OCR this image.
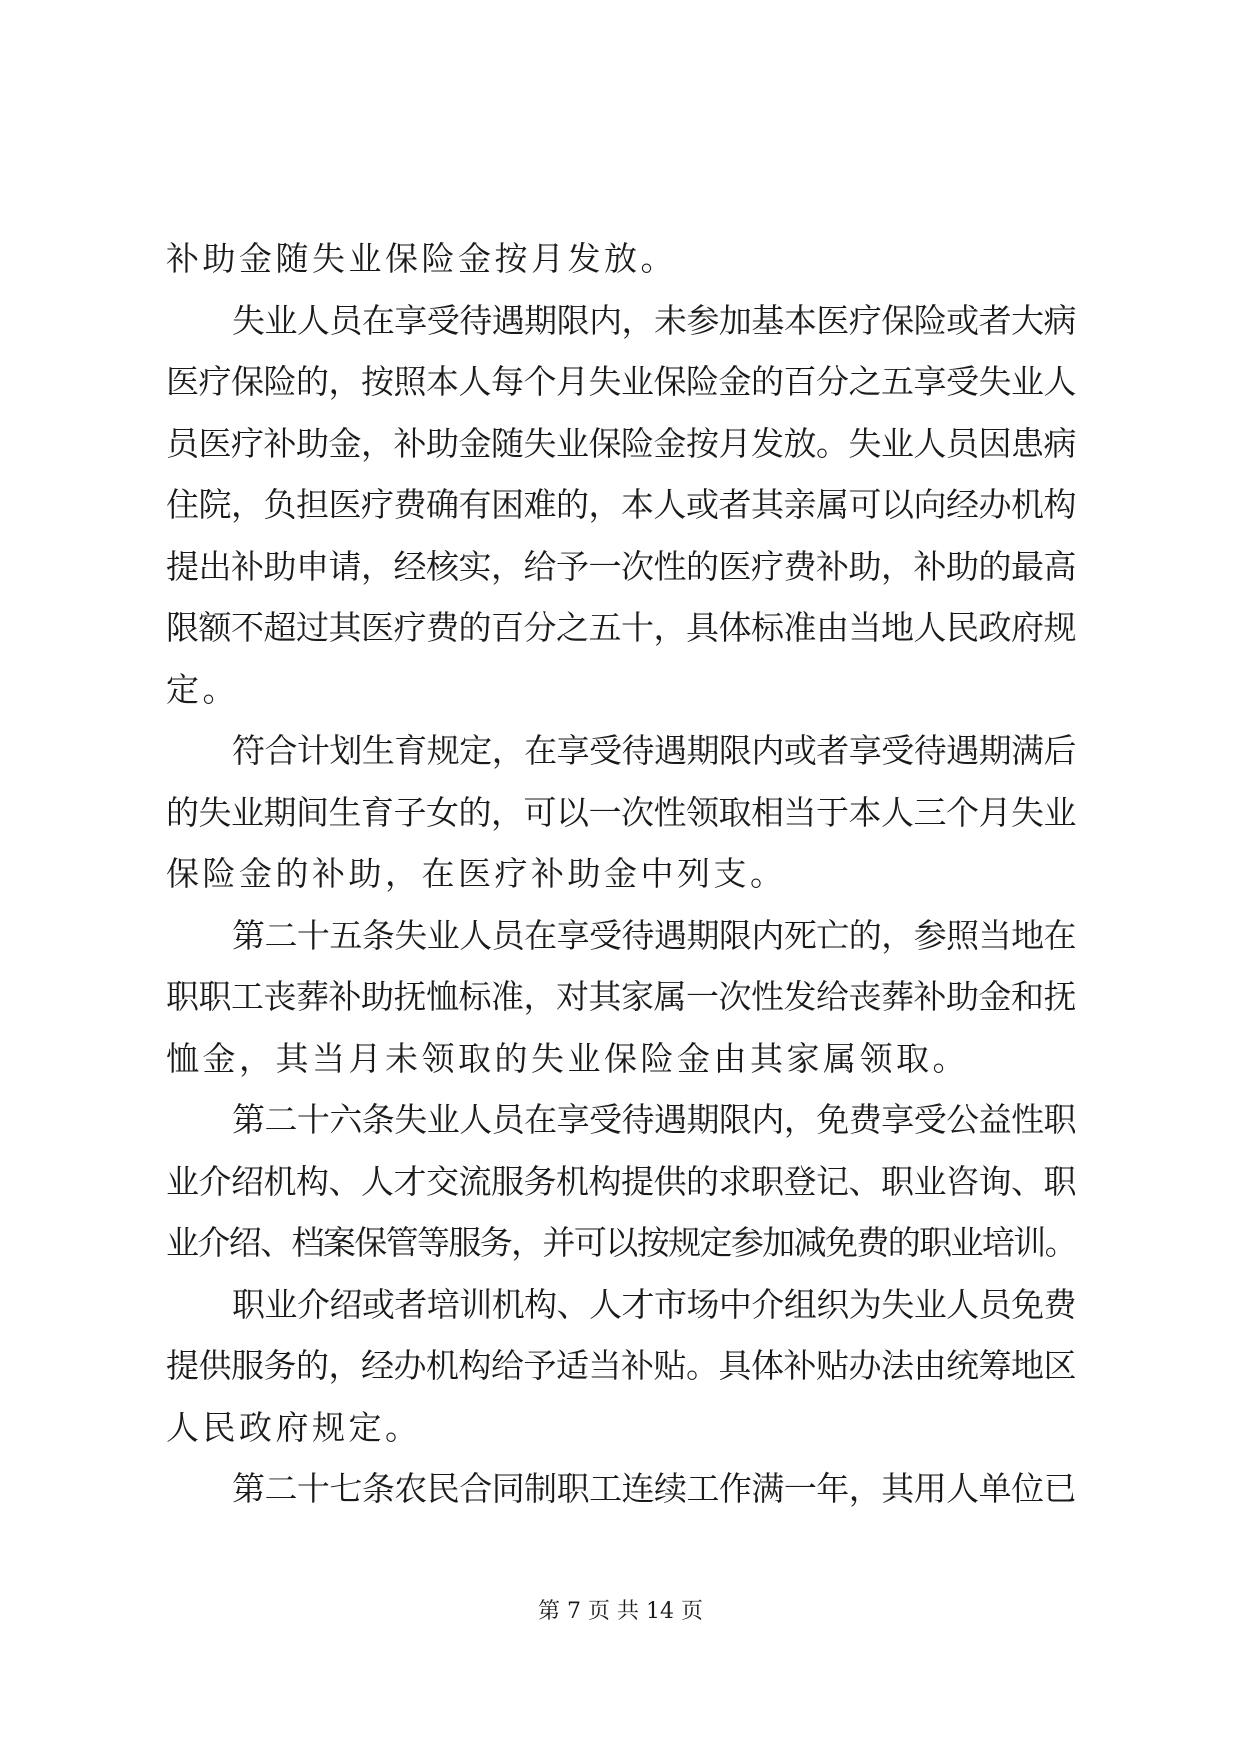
补助金随失业保险金按月发放。
失业人员在享受待遇期限内，未参加基本医疗保险或者大病
医疗保险的，按照本人每个月失业保险金的百分之五享受失业人
员医疗补助金，补助金随失业保险金按月发放。失业人员因患病
住院，负担医疗费确有困难的，本人或者其亲属可以向经办机构
提出补助申请，经核实，给予一次性的医疗费补助，补助的最高
限额不超过其医疗费的百分之五十，具体标准由当地人民政府规
定。
符合计划生育规定，在享受待遇期限内或者享受待遇期满后
的失业期间生育子女的，可以一次性领取相当于本人三个月失业
保险金的补助，在医疗补助金中列支。
第二十五条失业人员在享受待遇期限内死亡的，参照当地在
职职工丧葬补助抚恤标准，对其家属一次性发给丧葬补助金和抚
恤金，其当月未领取的失业保险金由其家属领取。
第二十六条失业人员在享受待遇期限内，免费享受公益性职
业介绍机构、人才交流服务机构提供的求职登记、职业咨询、职
业介绍、档案保管等服务，并可以按规定参加减免费的职业培训。
职业介绍或者培训机构、人才市场中介组织为失业人员免费
提供服务的，经办机构给予适当补贴。具体补贴办法由统筹地区
人民政府规定。
第二十七条农民合同制职工连续工作满一年，其用人单位已
第 7 页 共 14 页
